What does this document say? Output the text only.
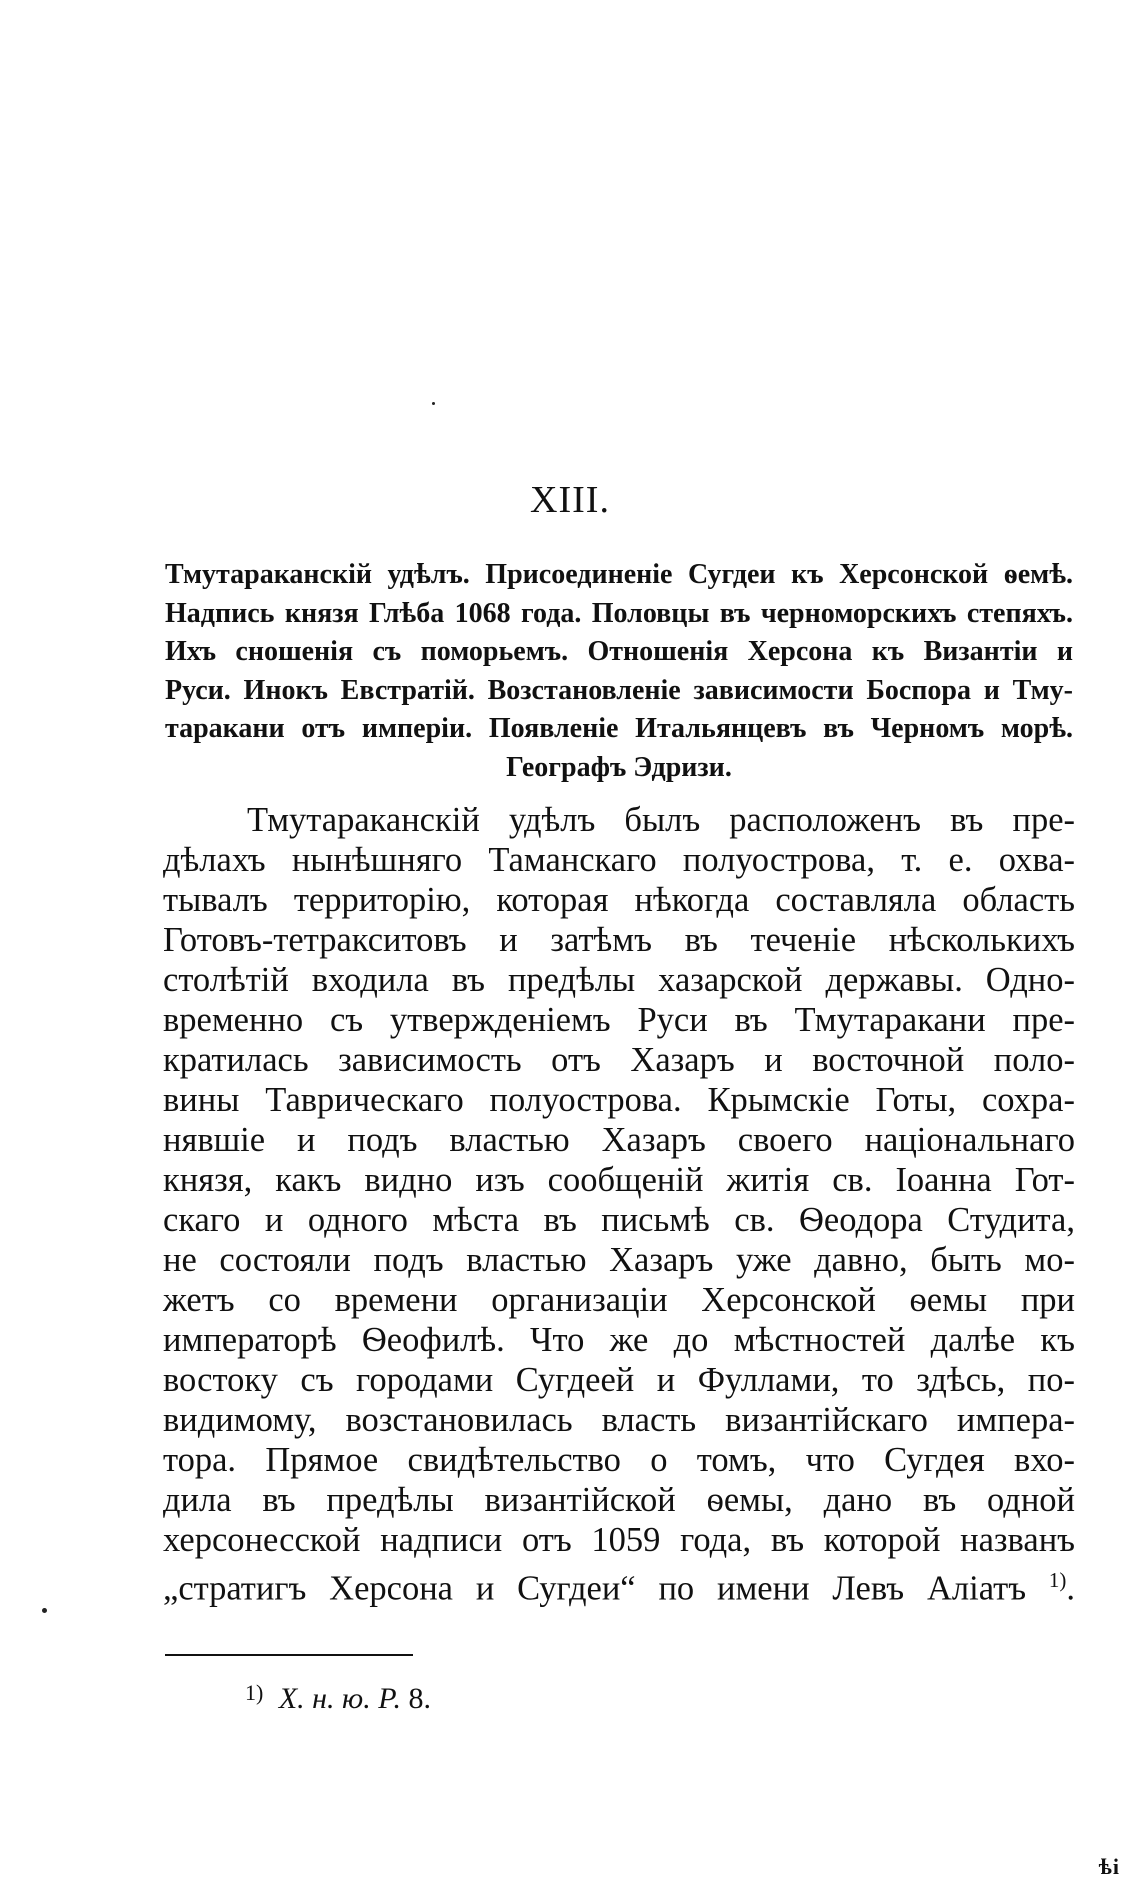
XIII.
Тмутараканскій удѣлъ. Присоединеніе Сугдеи къ Херсонской ѳемѣ.
Надпись князя Глѣба 1068 года. Половцы въ черноморскихъ степяхъ.
Ихъ сношенія съ поморьемъ. Отношенія Херсона къ Византіи и
Руси. Инокъ Евстратій. Возстановленіе зависимости Боспора и Тму-
таракани отъ имперіи. Появленіе Итальянцевъ въ Черномъ морѣ.
Географъ Эдризи.
Тмутараканскій удѣлъ былъ расположенъ въ пре-
дѣлахъ нынѣшняго Таманскаго полуострова, т. е. охва-
тывалъ территорію, которая нѣкогда составляла область
Готовъ-тетракситовъ и затѣмъ въ теченіе нѣсколькихъ
столѣтій входила въ предѣлы хазарской державы. Одно-
временно съ утвержденіемъ Руси въ Тмутаракани пре-
кратилась зависимость отъ Хазаръ и восточной поло-
вины Таврическаго полуострова. Крымскіе Готы, сохра-
нявшіе и подъ властью Хазаръ своего національнаго
князя, какъ видно изъ сообщеній житія св. Іоанна Гот-
скаго и одного мѣста въ письмѣ св. Ѳеодора Студита,
не состояли подъ властью Хазаръ уже давно, быть мо-
жетъ со времени организаціи Херсонской ѳемы при
императорѣ Ѳеофилѣ. Что же до мѣстностей далѣе къ
востоку съ городами Сугдеей и Фуллами, то здѣсь, по-
видимому, возстановилась власть византійскаго импера-
тора. Прямое свидѣтельство о томъ, что Сугдея вхо-
дила въ предѣлы византійской ѳемы, дано въ одной
херсонесской надписи отъ 1059 года, въ которой названъ
„стратигъ Херсона и Сугдеи“ по имени Левъ Аліатъ $^{1)}$.
$^{1)}$ Х. н. ю. Р. 8.
ѣі
